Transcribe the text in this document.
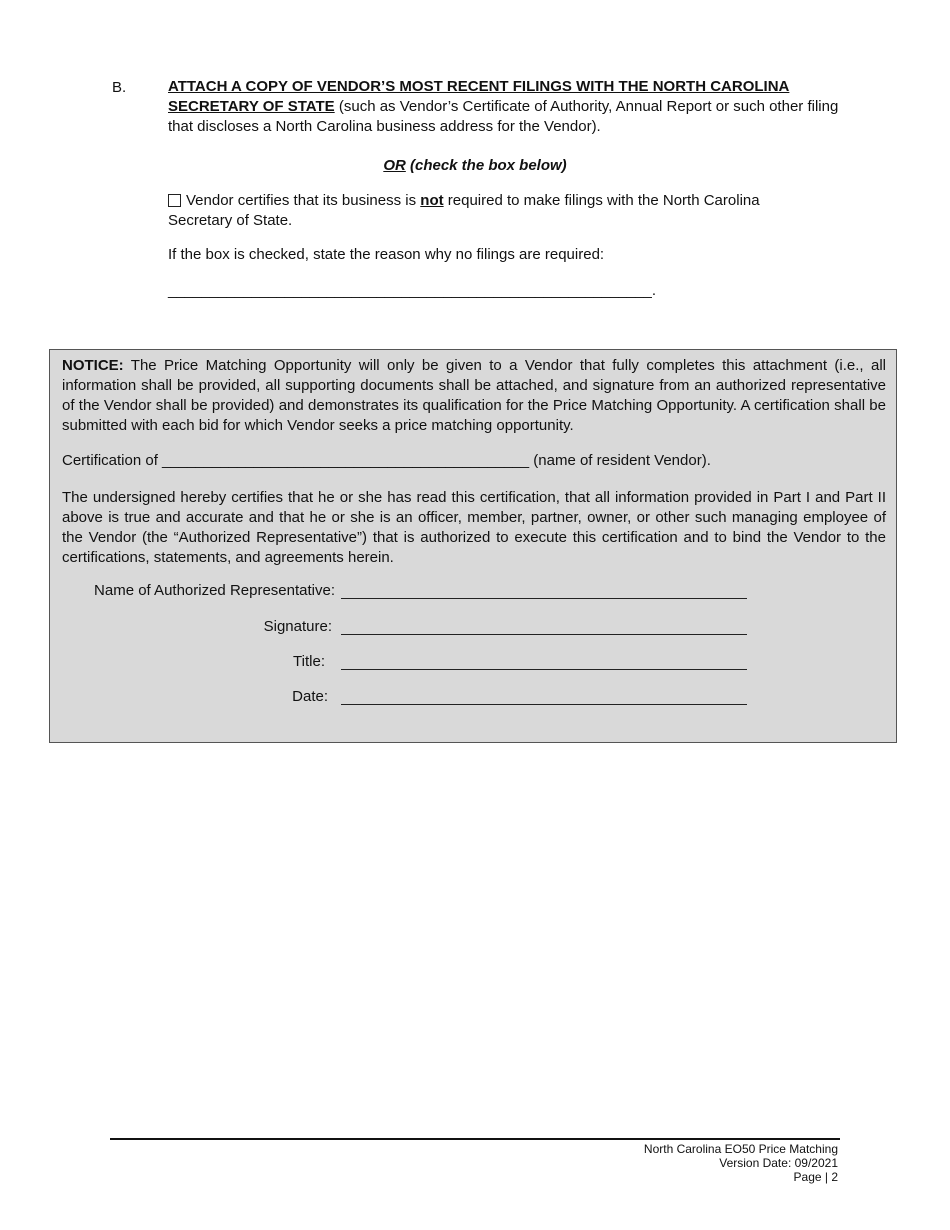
B.	ATTACH A COPY OF VENDOR’S MOST RECENT FILINGS WITH THE NORTH CAROLINA SECRETARY OF STATE (such as Vendor’s Certificate of Authority, Annual Report or such other filing that discloses a North Carolina business address for the Vendor).
OR (check the box below)
Vendor certifies that its business is not required to make filings with the North Carolina Secretary of State.
If the box is checked, state the reason why no filings are required:
__________________________________________________________.
NOTICE: The Price Matching Opportunity will only be given to a Vendor that fully completes this attachment (i.e., all information shall be provided, all supporting documents shall be attached, and signature from an authorized representative of the Vendor shall be provided) and demonstrates its qualification for the Price Matching Opportunity. A certification shall be submitted with each bid for which Vendor seeks a price matching opportunity.
Certification of ____________________________________________ (name of resident Vendor).
The undersigned hereby certifies that he or she has read this certification, that all information provided in Part I and Part II above is true and accurate and that he or she is an officer, member, partner, owner, or other such managing employee of the Vendor (the “Authorized Representative”) that is authorized to execute this certification and to bind the Vendor to the certifications, statements, and agreements herein.
Name of Authorized Representative:
Signature:
Title:
Date:
North Carolina EO50 Price Matching
Version Date: 09/2021
Page | 2
